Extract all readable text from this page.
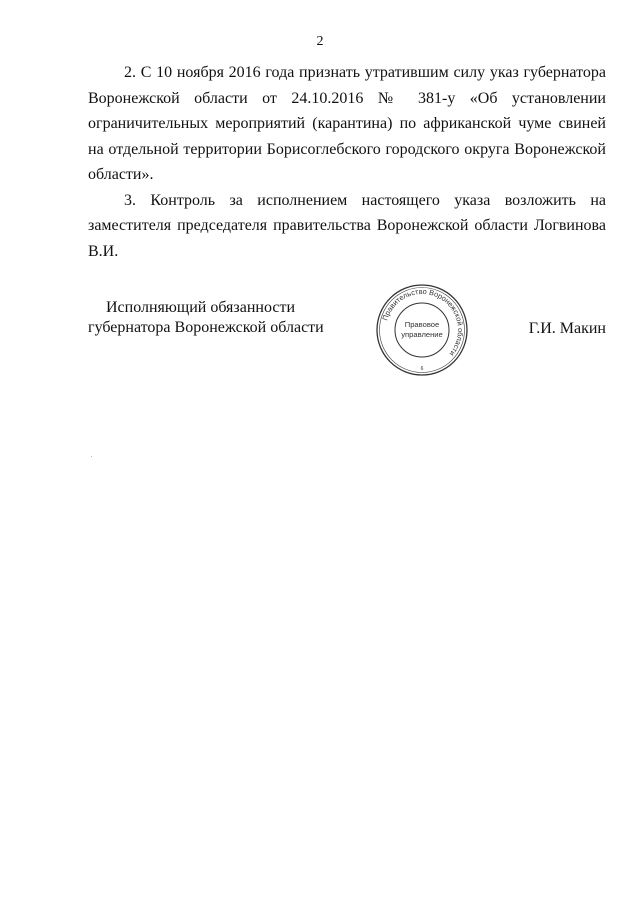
2

2. С 10 ноября 2016 года признать утратившим силу указ губернатора Воронежской области от 24.10.2016 № 381-у «Об установлении ограничительных мероприятий (карантина) по африканской чуме свиней на отдельной территории Борисоглебского городского округа Воронежской области».

3. Контроль за исполнением настоящего указа возложить на заместителя председателя правительства Воронежской области Логвинова В.И.

Исполняющий обязанности
губернатора Воронежской области
Правительство Воронежской области
Правовое
управление
6
Г.И. Макин
